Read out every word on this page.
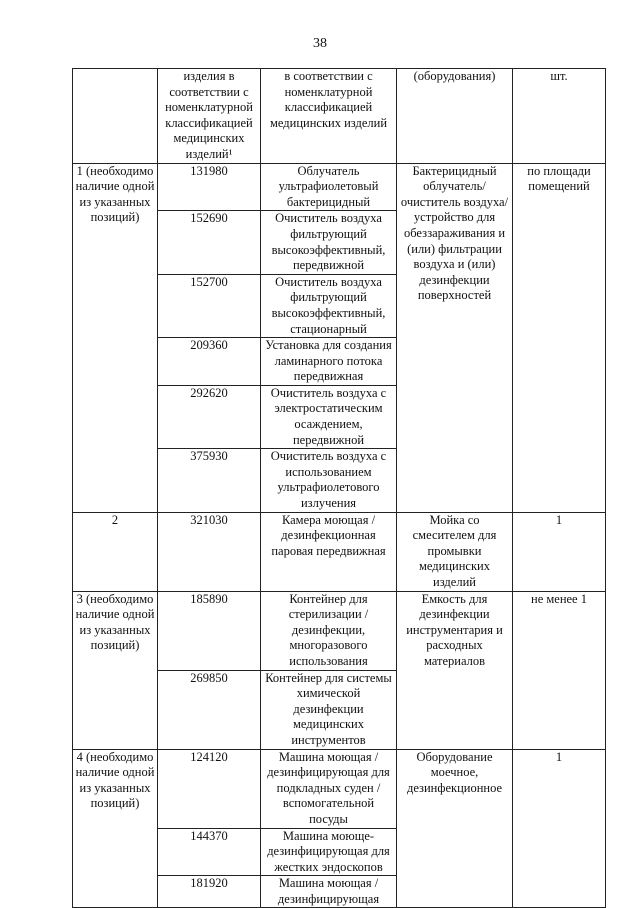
38

	изделия в соответствии с номенклатурной классификацией медицинских изделий¹	в соответствии с номенклатурной классификацией медицинских изделий	(оборудования)	шт.

1 (необходимо наличие одной из указанных позиций)	131980	Облучатель ультрафиолетовый бактерицидный	Бактерицидный облучатель/ очиститель воздуха/ устройство для обеззараживания и (или) фильтрации воздуха и (или) дезинфекции поверхностей	по площади помещений
	152690	Очиститель воздуха фильтрующий высокоэффективный, передвижной		
	152700	Очиститель воздуха фильтрующий высокоэффективный, стационарный		
	209360	Установка для создания ламинарного потока передвижная		
	292620	Очиститель воздуха с электростатическим осаждением, передвижной		
	375930	Очиститель воздуха с использованием ультрафиолетового излучения		
2	321030	Камера моющая /дезинфекционная паровая передвижная	Мойка со смесителем для промывки медицинских изделий	1
3 (необходимо наличие одной из указанных позиций)	185890	Контейнер для стерилизации /дезинфекции, многоразового использования	Емкость для дезинфекции инструментария и расходных материалов	не менее 1
	269850	Контейнер для системы химической дезинфекции медицинских инструментов		
4 (необходимо наличие одной из указанных позиций)	124120	Машина моющая /дезинфицирующая для подкладных суден /вспомогательной посуды	Оборудование моечное, дезинфекционное	1
	144370	Машина моюще-дезинфицирующая для жестких эндоскопов		
	181920	Машина моющая /дезинфицирующая		
